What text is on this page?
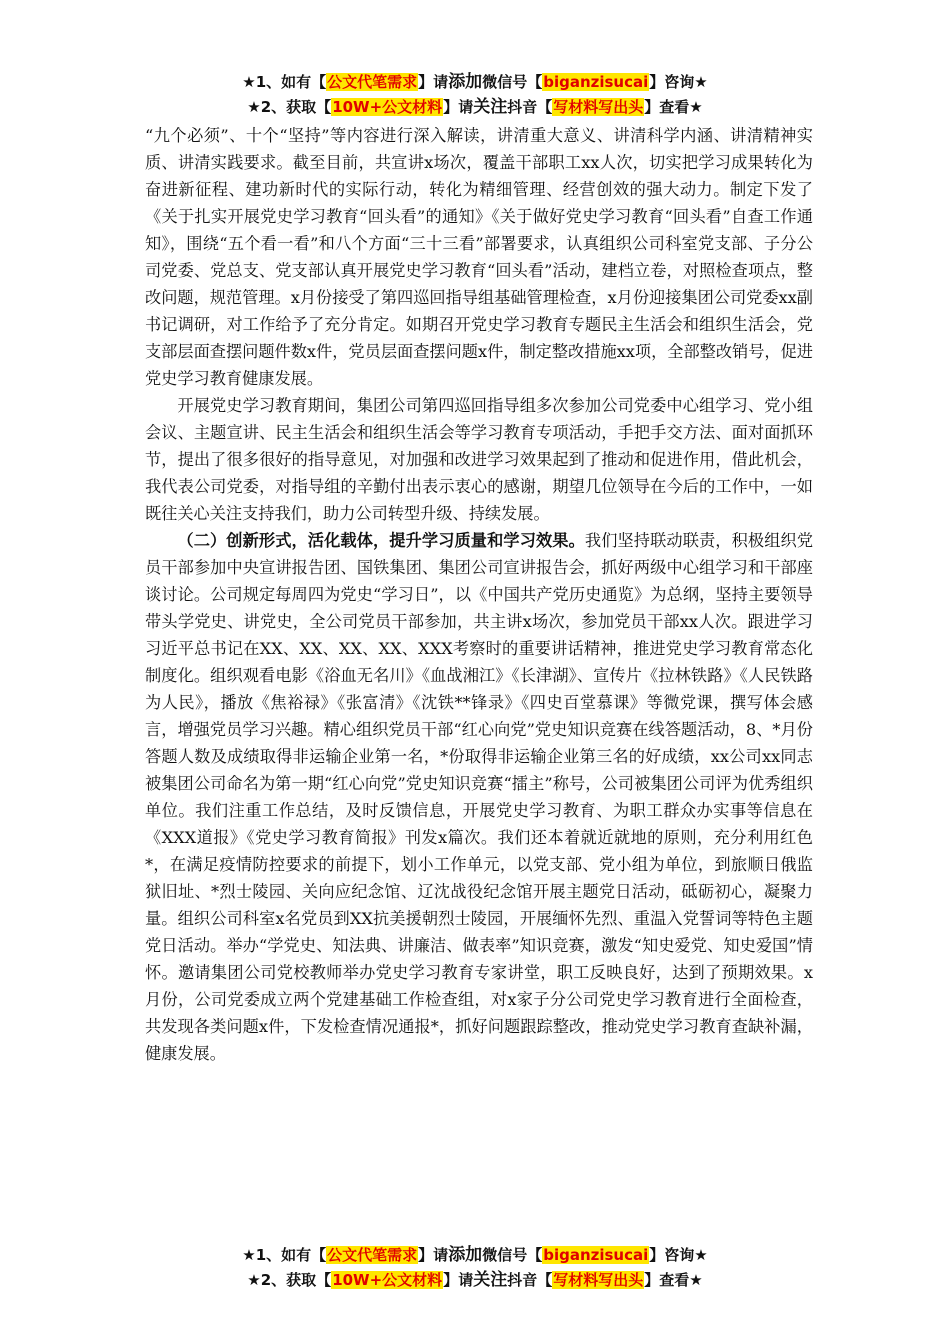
★1、如有【公文代笔需求】请添加微信号【biganzisucai】咨询★
★2、获取【10W+公文材料】请关注抖音【写材料写出头】查看★

“九个必须”、十个“坚持”等内容进行深入解读，讲清重大意义、讲清科学内涵、讲清精神实质、讲清实践要求。截至目前，共宣讲x场次，覆盖干部职工xx人次，切实把学习成果转化为奋进新征程、建功新时代的实际行动，转化为精细管理、经营创效的强大动力。制定下发了《关于扎实开展党史学习教育“回头看”的通知》《关于做好党史学习教育“回头看”自查工作通知》，围绕“五个看一看”和八个方面“三十三看”部署要求，认真组织公司科室党支部、子分公司党委、党总支、党支部认真开展党史学习教育“回头看”活动，建档立卷，对照检查项点，整改问题，规范管理。x月份接受了第四巡回指导组基础管理检查，x月份迎接集团公司党委xx副书记调研，对工作给予了充分肯定。如期召开党史学习教育专题民主生活会和组织生活会，党支部层面查摆问题件数x件，党员层面查摆问题x件，制定整改措施xx项，全部整改销号，促进党史学习教育健康发展。

开展党史学习教育期间，集团公司第四巡回指导组多次参加公司党委中心组学习、党小组会议、主题宣讲、民主生活会和组织生活会等学习教育专项活动，手把手交方法、面对面抓环节，提出了很多很好的指导意见，对加强和改进学习效果起到了推动和促进作用，借此机会，我代表公司党委，对指导组的辛勤付出表示衷心的感谢，期望几位领导在今后的工作中，一如既往关心关注支持我们，助力公司转型升级、持续发展。

（二）创新形式，活化载体，提升学习质量和学习效果。我们坚持联动联责，积极组织党员干部参加中央宣讲报告团、国铁集团、集团公司宣讲报告会，抓好两级中心组学习和干部座谈讨论。公司规定每周四为党史“学习日”，以《中国共产党历史通览》为总纲，坚持主要领导带头学党史、讲党史，全公司党员干部参加，共主讲x场次，参加党员干部xx人次。跟进学习习近平总书记在XX、XX、XX、XX、XXX考察时的重要讲话精神，推进党史学习教育常态化制度化。组织观看电影《浴血无名川》《血战湘江》《长津湖》、宣传片《拉林铁路》《人民铁路为人民》，播放《焦裕禄》《张富清》《沈铁**锋录》《四史百堂慕课》等微党课，撰写体会感言，增强党员学习兴趣。精心组织党员干部“红心向党”党史知识竞赛在线答题活动，8、*月份答题人数及成绩取得非运输企业第一名，*份取得非运输企业第三名的好成绩，xx公司xx同志被集团公司命名为第一期“红心向党”党史知识竞赛“擂主”称号，公司被集团公司评为优秀组织单位。我们注重工作总结，及时反馈信息，开展党史学习教育、为职工群众办实事等信息在《XXX道报》《党史学习教育简报》刊发x篇次。我们还本着就近就地的原则，充分利用红色*，在满足疫情防控要求的前提下，划小工作单元，以党支部、党小组为单位，到旅顺日俄监狱旧址、*烈士陵园、关向应纪念馆、辽沈战役纪念馆开展主题党日活动，砥砺初心，凝聚力量。组织公司科室x名党员到XX抗美援朝烈士陵园，开展缅怀先烈、重温入党誓词等特色主题党日活动。举办“学党史、知法典、讲廉洁、做表率”知识竞赛，激发“知史爱党、知史爱国”情怀。邀请集团公司党校教师举办党史学习教育专家讲堂，职工反映良好，达到了预期效果。x月份，公司党委成立两个党建基础工作检查组，对x家子分公司党史学习教育进行全面检查，共发现各类问题x件，下发检查情况通报*，抓好问题跟踪整改，推动党史学习教育查缺补漏，健康发展。

★1、如有【公文代笔需求】请添加微信号【biganzisucai】咨询★
★2、获取【10W+公文材料】请关注抖音【写材料写出头】查看★
